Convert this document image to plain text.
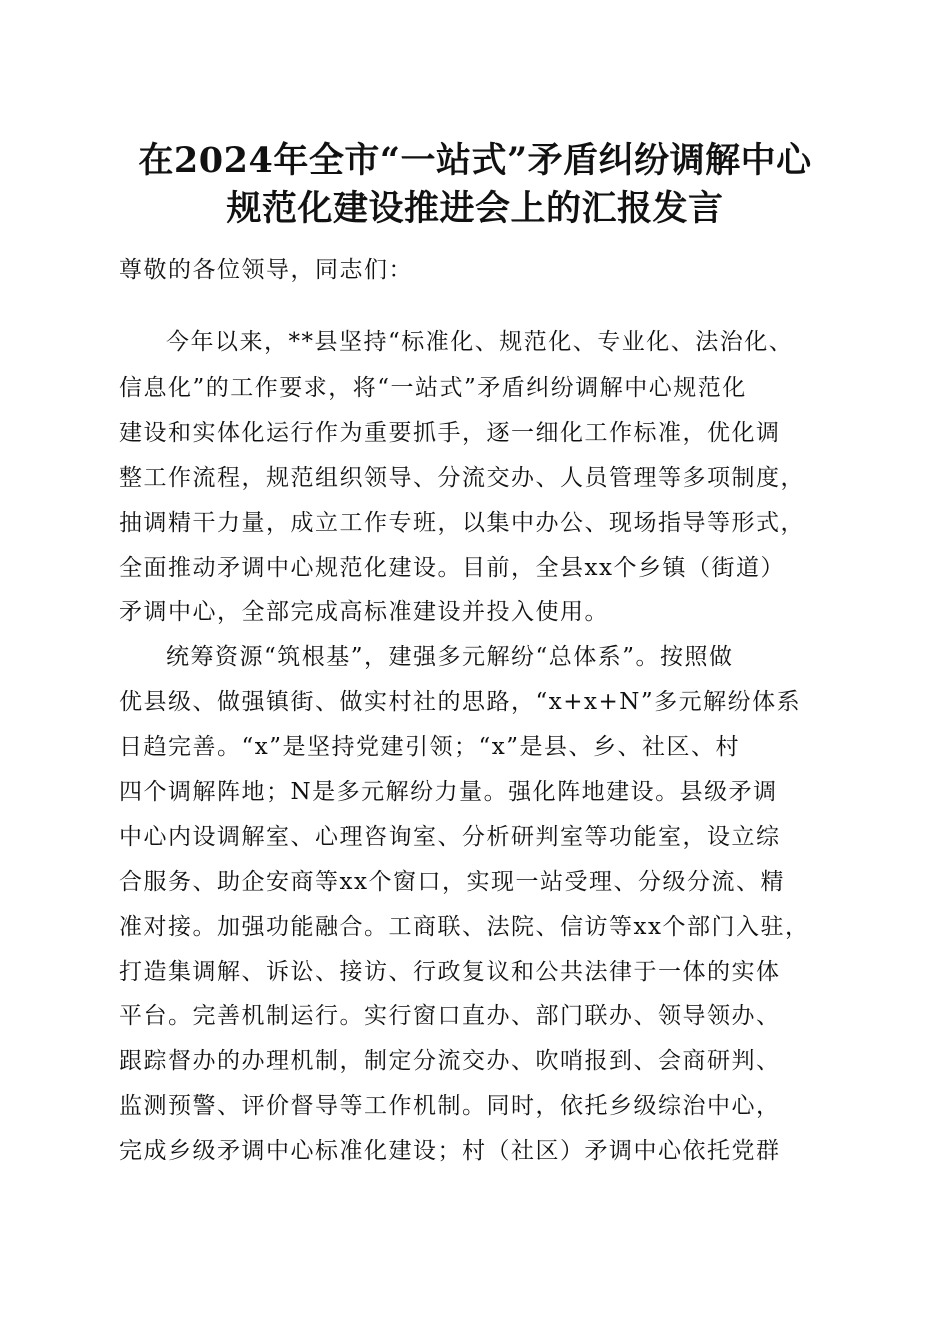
在2024年全市“一站式”矛盾纠纷调解中心
规范化建设推进会上的汇报发言

尊敬的各位领导，同志们：

今年以来，**县坚持“标准化、规范化、专业化、法治化、

信息化”的工作要求，将“一站式”矛盾纠纷调解中心规范化

建设和实体化运行作为重要抓手，逐一细化工作标准，优化调

整工作流程，规范组织领导、分流交办、人员管理等多项制度，

抽调精干力量，成立工作专班，以集中办公、现场指导等形式，

全面推动矛调中心规范化建设。目前，全县xx个乡镇（街道）

矛调中心，全部完成高标准建设并投入使用。

统筹资源“筑根基”，建强多元解纷“总体系”。按照做

优县级、做强镇街、做实村社的思路，“x+x+N”多元解纷体系

日趋完善。“x”是坚持党建引领；“x”是县、乡、社区、村

四个调解阵地；N是多元解纷力量。强化阵地建设。县级矛调

中心内设调解室、心理咨询室、分析研判室等功能室，设立综

合服务、助企安商等xx个窗口，实现一站受理、分级分流、精

准对接。加强功能融合。工商联、法院、信访等xx个部门入驻，

打造集调解、诉讼、接访、行政复议和公共法律于一体的实体

平台。完善机制运行。实行窗口直办、部门联办、领导领办、

跟踪督办的办理机制，制定分流交办、吹哨报到、会商研判、

监测预警、评价督导等工作机制。同时，依托乡级综治中心，

完成乡级矛调中心标准化建设；村（社区）矛调中心依托党群
